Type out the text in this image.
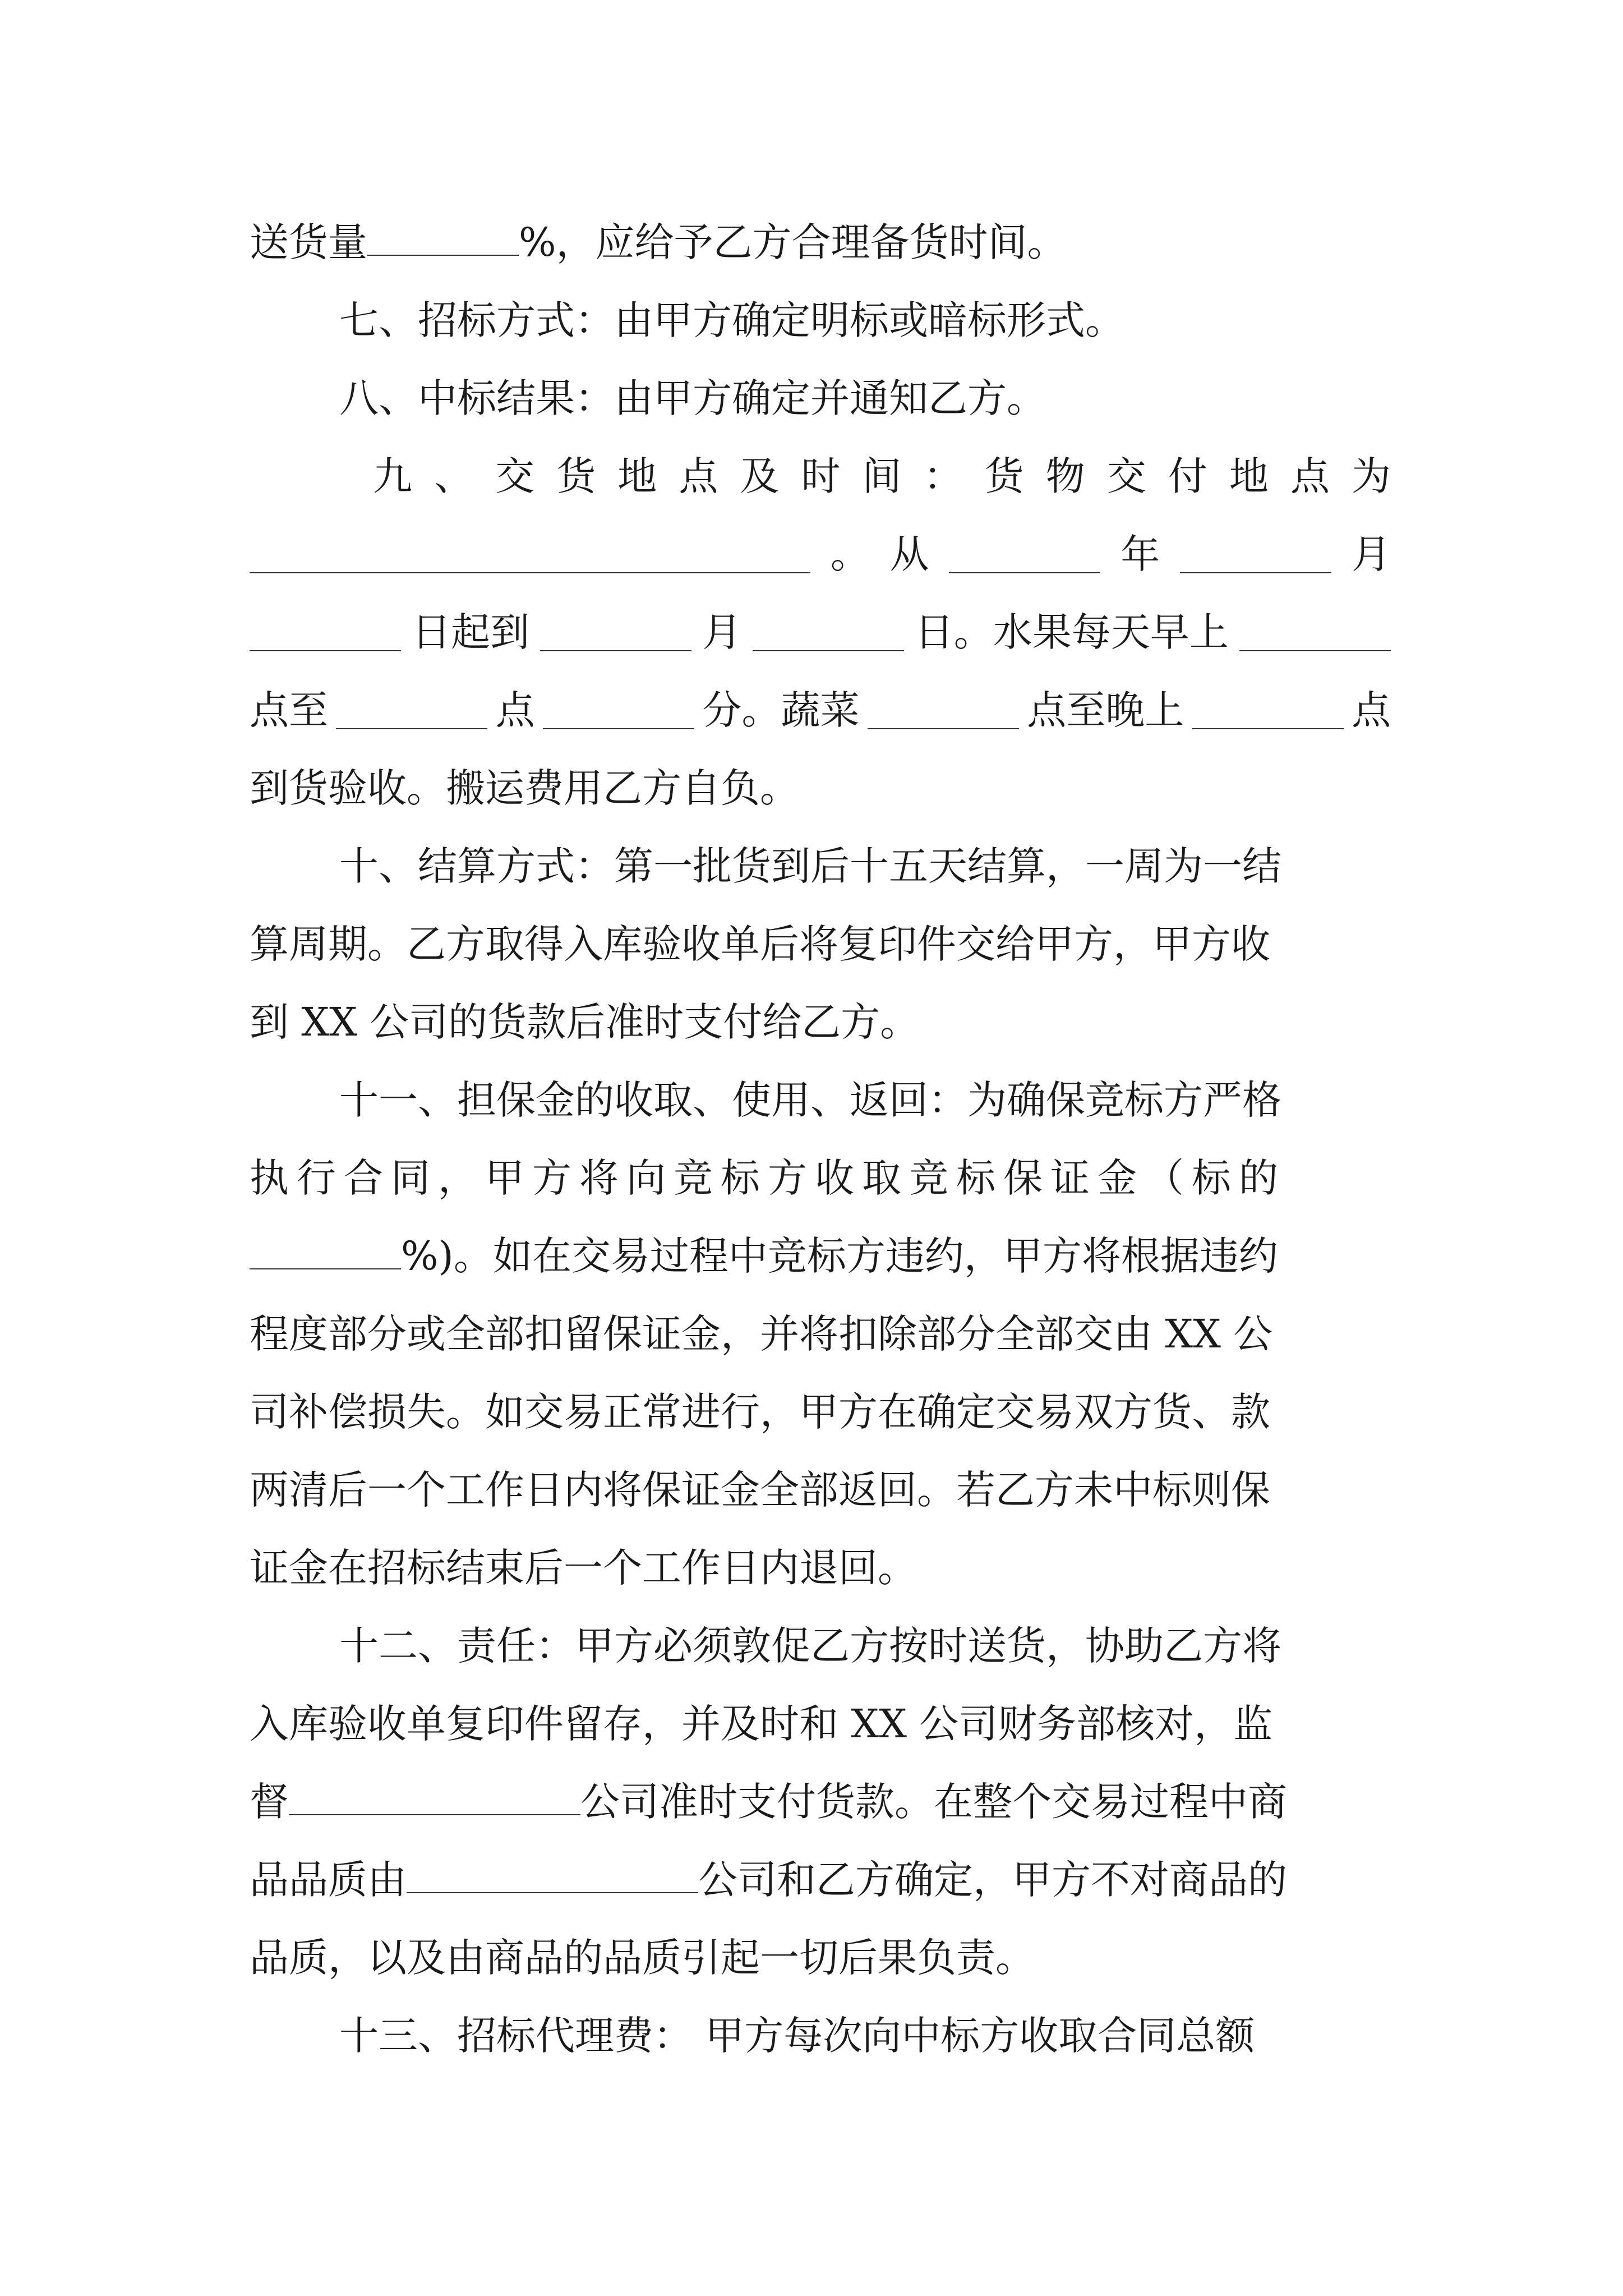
送货量	%，应给予乙方合理备货时间。
七、招标方式：由甲方确定明标或暗标形式。
八、中标结果：由甲方确定并通知乙方。
九 、 交 货 地 点 及 时 间 ： 货 物 交 付 地 点 为
。 从	年	月
日起到	月	日。水果每天早上
点至	点	分。蔬菜	点至晚上	点
到货验收。搬运费用乙方自负。
十、结算方式：第一批货到后十五天结算，一周为一结
算周期。乙方取得入库验收单后将复印件交给甲方，甲方收
到 XX 公司的货款后准时支付给乙方。
十一、担保金的收取、使用、返回：为确保竞标方严格
执行合同，甲方将向竞标方收取竞标保证金（标的
%)。如在交易过程中竞标方违约，甲方将根据违约
程度部分或全部扣留保证金，并将扣除部分全部交由 XX 公
司补偿损失。如交易正常进行，甲方在确定交易双方货、款
两清后一个工作日内将保证金全部返回。若乙方未中标则保
证金在招标结束后一个工作日内退回。
十二、责任：甲方必须敦促乙方按时送货，协助乙方将
入库验收单复印件留存，并及时和 XX 公司财务部核对，监
督	公司准时支付货款。在整个交易过程中商
品品质由	公司和乙方确定，甲方不对商品的
品质，以及由商品的品质引起一切后果负责。
十三、招标代理费： 甲方每次向中标方收取合同总额
